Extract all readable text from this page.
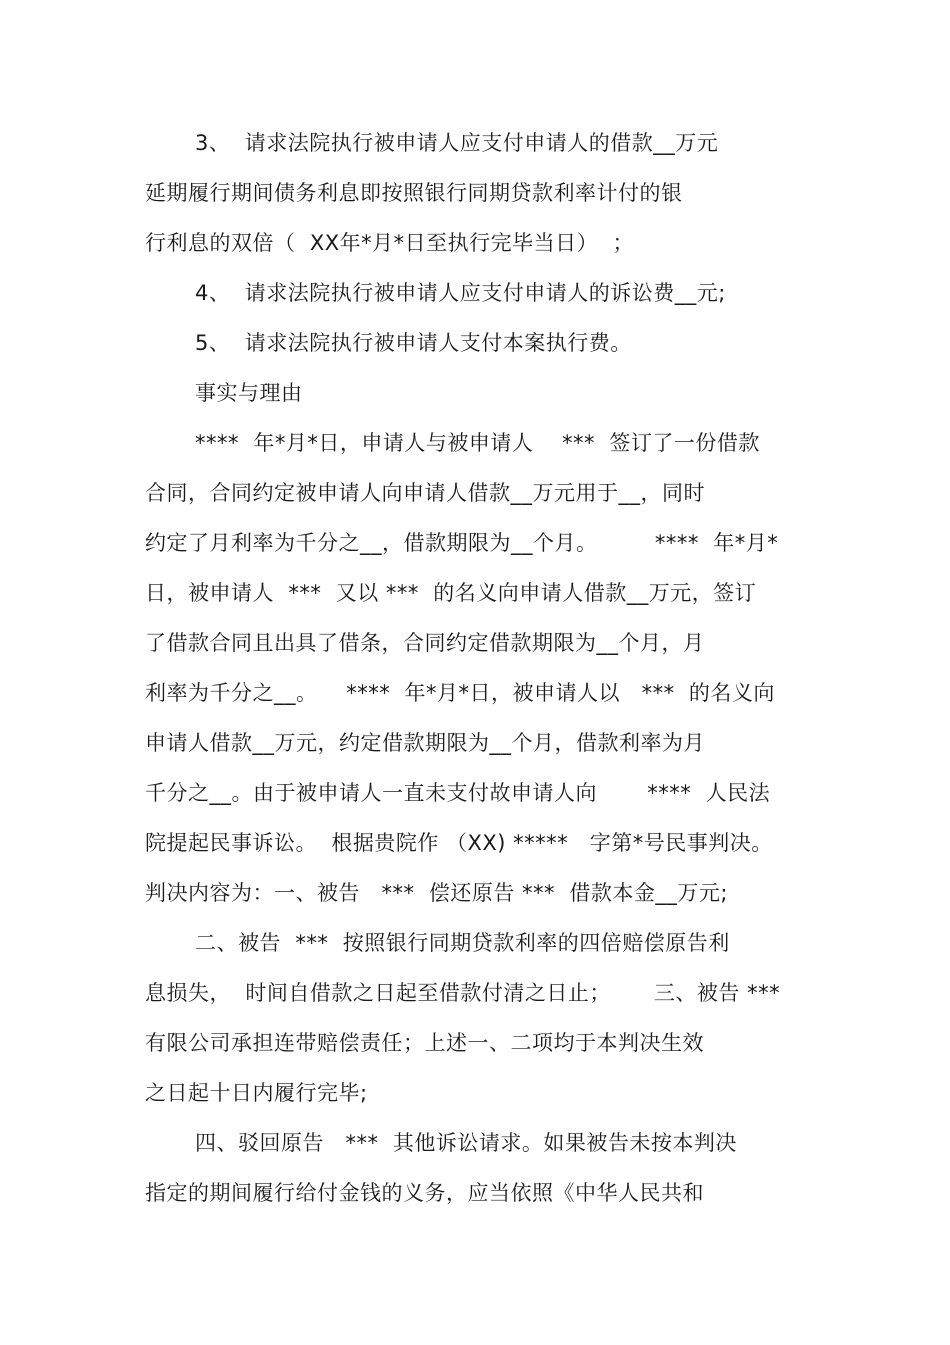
3、  请求法院执行被申请人应支付申请人的借款__万元
延期履行期间债务利息即按照银行同期贷款利率计付的银
行利息的双倍（  XX年*月*日至执行完毕当日）  ；
4、  请求法院执行被申请人应支付申请人的诉讼费__元;
5、  请求法院执行被申请人支付本案执行费。
事实与理由
****  年*月*日，申请人与被申请人    ***  签订了一份借款
合同，合同约定被申请人向申请人借款__万元用于__，同时
约定了月利率为千分之__，借款期限为__个月。        ****  年*月*
日，被申请人  ***  又以 ***  的名义向申请人借款__万元，签订
了借款合同且出具了借条，合同约定借款期限为__个月，月
利率为千分之__。    ****  年*月*日，被申请人以   ***  的名义向
申请人借款__万元，约定借款期限为__个月，借款利率为月
千分之__。由于被申请人一直未支付故申请人向       ****  人民法
院提起民事诉讼。  根据贵院作 （XX) *****   字第*号民事判决。
判决内容为：一、被告   ***  偿还原告 ***  借款本金__万元;
二、被告  ***  按照银行同期贷款利率的四倍赔偿原告利
息损失，  时间自借款之日起至借款付清之日止；      三、被告 ***
有限公司承担连带赔偿责任；上述一、二项均于本判决生效
之日起十日内履行完毕;
四、驳回原告   ***  其他诉讼请求。如果被告未按本判决
指定的期间履行给付金钱的义务，应当依照《中华人民共和
